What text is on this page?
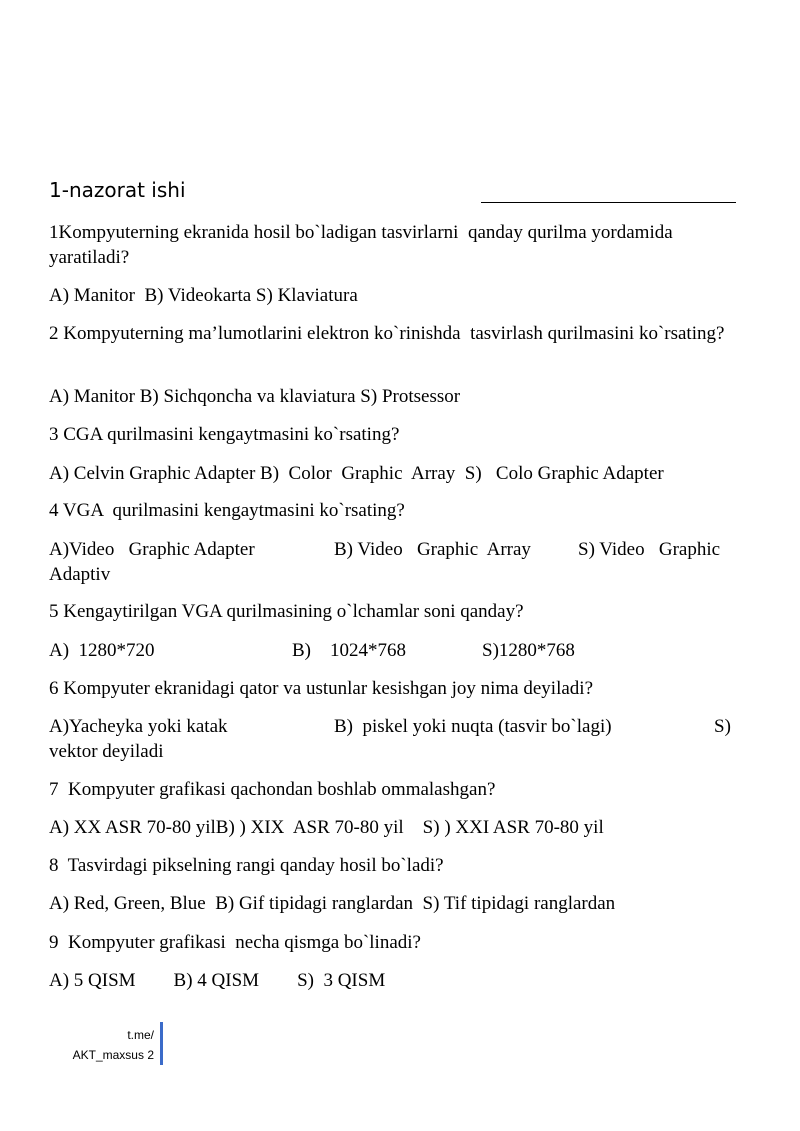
1-nazorat ishi
1Kompyuterning ekranida hosil bo`ladigan tasvirlarni  qanday qurilma yordamida  yaratiladi?
A) Manitor  B) Videokarta S) Klaviatura
2 Kompyuterning ma’lumotlarini elektron ko`rinishda  tasvirlash qurilmasini ko`rsating?
A) Manitor B) Sichqoncha va klaviatura S) Protsessor
3 CGA qurilmasini kengaytmasini ko`rsating?
A) Celvin Graphic Adapter B)  Color  Graphic  Array  S)   Colo Graphic Adapter
4 VGA  qurilmasini kengaytmasini ko`rsating?
A)Video   Graphic Adapter	B) Video   Graphic  Array S) Video   Graphic
Adaptiv
5 Kengaytirilgan VGA qurilmasining o`lchamlar soni qanday?
A)  1280*720	B)    1024*768	S)1280*768
6 Kompyuter ekranidagi qator va ustunlar kesishgan joy nima deyiladi?
A)Yacheyka yoki katak	B)  piskel yoki nuqta (tasvir bo`lagi)	S)
vektor deyiladi
7  Kompyuter grafikasi qachondan boshlab ommalashgan?
A) XX ASR 70-80 yilB) ) XIX  ASR 70-80 yil    S) ) XXI ASR 70-80 yil
8  Tasvirdagi pikselning rangi qanday hosil bo`ladi?
A) Red, Green, Blue  B) Gif tipidagi ranglardan  S) Tif tipidagi ranglardan
9  Kompyuter grafikasi  necha qismga bo`linadi?
A) 5 QISM        B) 4 QISM        S)  3 QISM
t.me/
AKT_maxsus 2
